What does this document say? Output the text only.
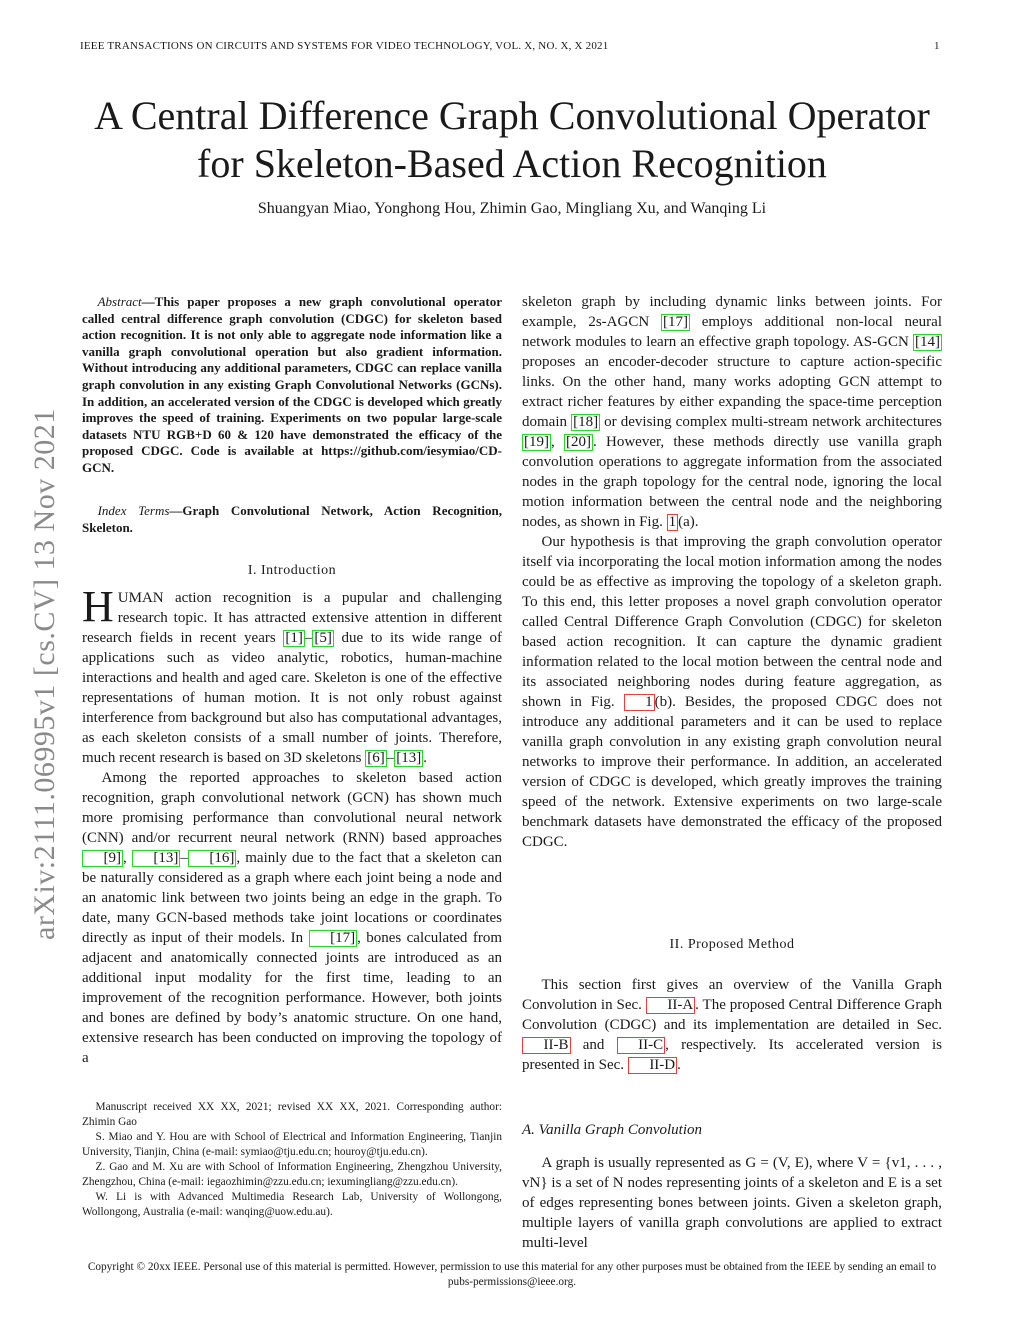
IEEE TRANSACTIONS ON CIRCUITS AND SYSTEMS FOR VIDEO TECHNOLOGY, VOL. X, NO. X, X 2021	1
A Central Difference Graph Convolutional Operator
for Skeleton-Based Action Recognition
Shuangyan Miao, Yonghong Hou, Zhimin Gao, Mingliang Xu, and Wanqing Li
arXiv:2111.06995v1 [cs.CV] 13 Nov 2021

Abstract—This paper proposes a new graph convolutional operator called central difference graph convolution (CDGC) for skeleton based action recognition. It is not only able to aggregate node information like a vanilla graph convolutional operation but also gradient information. Without introducing any additional parameters, CDGC can replace vanilla graph convolution in any existing Graph Convolutional Networks (GCNs). In addition, an accelerated version of the CDGC is developed which greatly improves the speed of training. Experiments on two popular large-scale datasets NTU RGB+D 60 & 120 have demonstrated the efficacy of the proposed CDGC. Code is available at https://github.com/iesymiao/CD-GCN.

Index Terms—Graph Convolutional Network, Action Recognition, Skeleton.

I. Introduction

HUMAN action recognition is a pupular and challenging research topic. It has attracted extensive attention in different research fields in recent years [1] – [5] due to its wide range of applications such as video analytic, robotics, human-machine interactions and health and aged care. Skeleton is one of the effective representations of human motion. It is not only robust against interference from background but also has computational advantages, as each skeleton consists of a small number of joints. Therefore, much recent research is based on 3D skeletons [6] – [13] .

Among the reported approaches to skeleton based action recognition, graph convolutional network (GCN) has shown much more promising performance than convolutional neural network (CNN) and/or recurrent neural network (RNN) based approaches [9] , [13] – [16] , mainly due to the fact that a skeleton can be naturally considered as a graph where each joint being a node and an anatomic link between two joints being an edge in the graph. To date, many GCN-based methods take joint locations or coordinates directly as input of their models. In [17] , bones calculated from adjacent and anatomically connected joints are introduced as an additional input modality for the first time, leading to an improvement of the recognition performance. However, both joints and bones are defined by body’s anatomic structure. On one hand, extensive research has been conducted on improving the topology of a

Manuscript received XX XX, 2021; revised XX XX, 2021. Corresponding author: Zhimin Gao

S. Miao and Y. Hou are with School of Electrical and Information Engineering, Tianjin University, Tianjin, China (e-mail: symiao@tju.edu.cn; houroy@tju.edu.cn).

Z. Gao and M. Xu are with School of Information Engineering, Zhengzhou University, Zhengzhou, China (e-mail: iegaozhimin@zzu.edu.cn; iexumingliang@zzu.edu.cn).

W. Li is with Advanced Multimedia Research Lab, University of Wollongong, Wollongong, Australia (e-mail: wanqing@uow.edu.au).

skeleton graph by including dynamic links between joints. For example, 2s-AGCN [17] employs additional non-local neural network modules to learn an effective graph topology. AS-GCN [14] proposes an encoder-decoder structure to capture action-specific links. On the other hand, many works adopting GCN attempt to extract richer features by either expanding the space-time perception domain [18] or devising complex multi-stream network architectures [19] , [20] . However, these methods directly use vanilla graph convolution operations to aggregate information from the associated nodes in the graph topology for the central node, ignoring the local motion information between the central node and the neighboring nodes, as shown in Fig. 1 (a).

Our hypothesis is that improving the graph convolution operator itself via incorporating the local motion information among the nodes could be as effective as improving the topology of a skeleton graph. To this end, this letter proposes a novel graph convolution operator called Central Difference Graph Convolution (CDGC) for skeleton based action recognition. It can capture the dynamic gradient information related to the local motion between the central node and its associated neighboring nodes during feature aggregation, as shown in Fig. 1 (b). Besides, the proposed CDGC does not introduce any additional parameters and it can be used to replace vanilla graph convolution in any existing graph convolution neural networks to improve their performance. In addition, an accelerated version of CDGC is developed, which greatly improves the training speed of the network. Extensive experiments on two large-scale benchmark datasets have demonstrated the efficacy of the proposed CDGC.

II. Proposed Method

This section first gives an overview of the Vanilla Graph Convolution in Sec. II-A . The proposed Central Difference Graph Convolution (CDGC) and its implementation are detailed in Sec. II-B and II-C , respectively. Its accelerated version is presented in Sec. II-D .

A. Vanilla Graph Convolution

A graph is usually represented as G = (V, E), where V = {v1, . . . , vN} is a set of N nodes representing joints of a skeleton and E is a set of edges representing bones between joints. Given a skeleton graph, multiple layers of vanilla graph convolutions are applied to extract multi-level

Copyright © 20xx IEEE. Personal use of this material is permitted. However, permission to use this material for any other purposes must be obtained from the IEEE by sending an email to pubs-permissions@ieee.org.
